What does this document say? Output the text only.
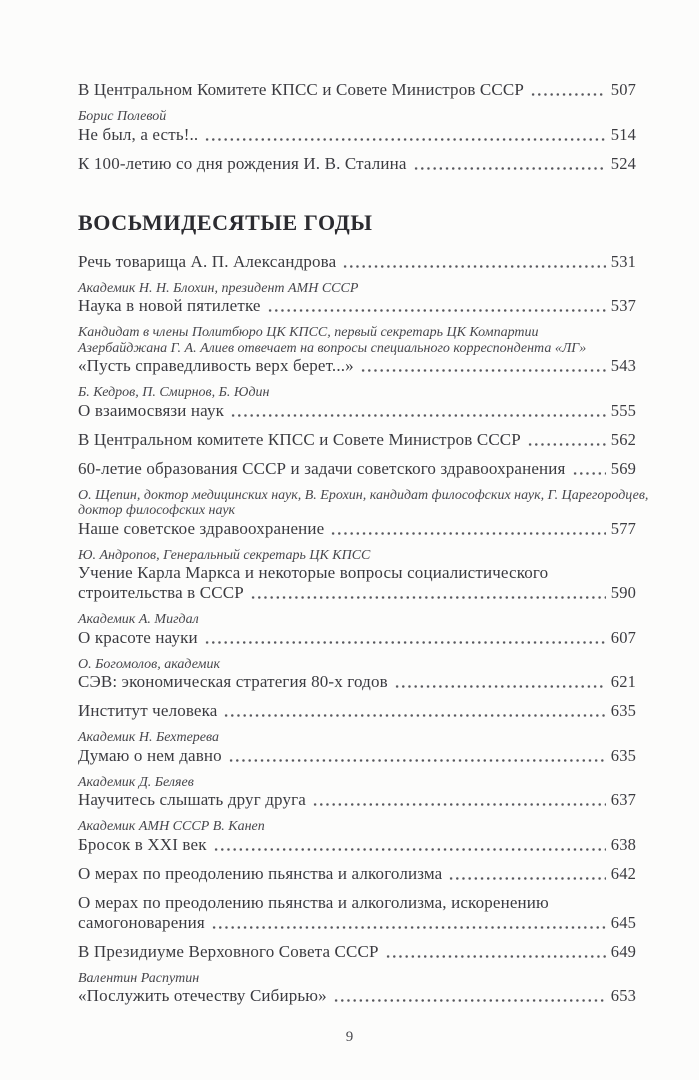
В Центральном Комитете КПСС и Совете Министров СССР	507
Борис Полевой
Не был, а есть!..	514
К 100-летию со дня рождения И. В. Сталина	524
ВОСЬМИДЕСЯТЫЕ ГОДЫ
Речь товарища А. П. Александрова	531
Академик Н. Н. Блохин, президент АМН СССР
Наука в новой пятилетке	537
Кандидат в члены Политбюро ЦК КПСС, первый секретарь ЦК Компартии
Азербайджана Г. А. Алиев отвечает на вопросы специального корреспондента «ЛГ»
«Пусть справедливость верх берет...»	543
Б. Кедров, П. Смирнов, Б. Юдин
О взаимосвязи наук	555
В Центральном комитете КПСС и Совете Министров СССР	562
60-летие образования СССР и задачи советского здравоохранения	569
О. Щепин, доктор медицинских наук, В. Ерохин, кандидат философских наук, Г. Царегородцев,
доктор философских наук
Наше советское здравоохранение	577
Ю. Андропов, Генеральный секретарь ЦК КПСС
Учение Карла Маркса и некоторые вопросы социалистического
строительства в СССР	590
Академик А. Мигдал
О красоте науки	607
О. Богомолов, академик
СЭВ: экономическая стратегия 80-х годов	621
Институт человека	635
Академик Н. Бехтерева
Думаю о нем давно	635
Академик Д. Беляев
Научитесь слышать друг друга	637
Академик АМН СССР В. Канеп
Бросок в XXI век	638
О мерах по преодолению пьянства и алкоголизма	642
О мерах по преодолению пьянства и алкоголизма, искоренению
самогоноварения	645
В Президиуме Верховного Совета СССР	649
Валентин Распутин
«Послужить отечеству Сибирью»	653
9
